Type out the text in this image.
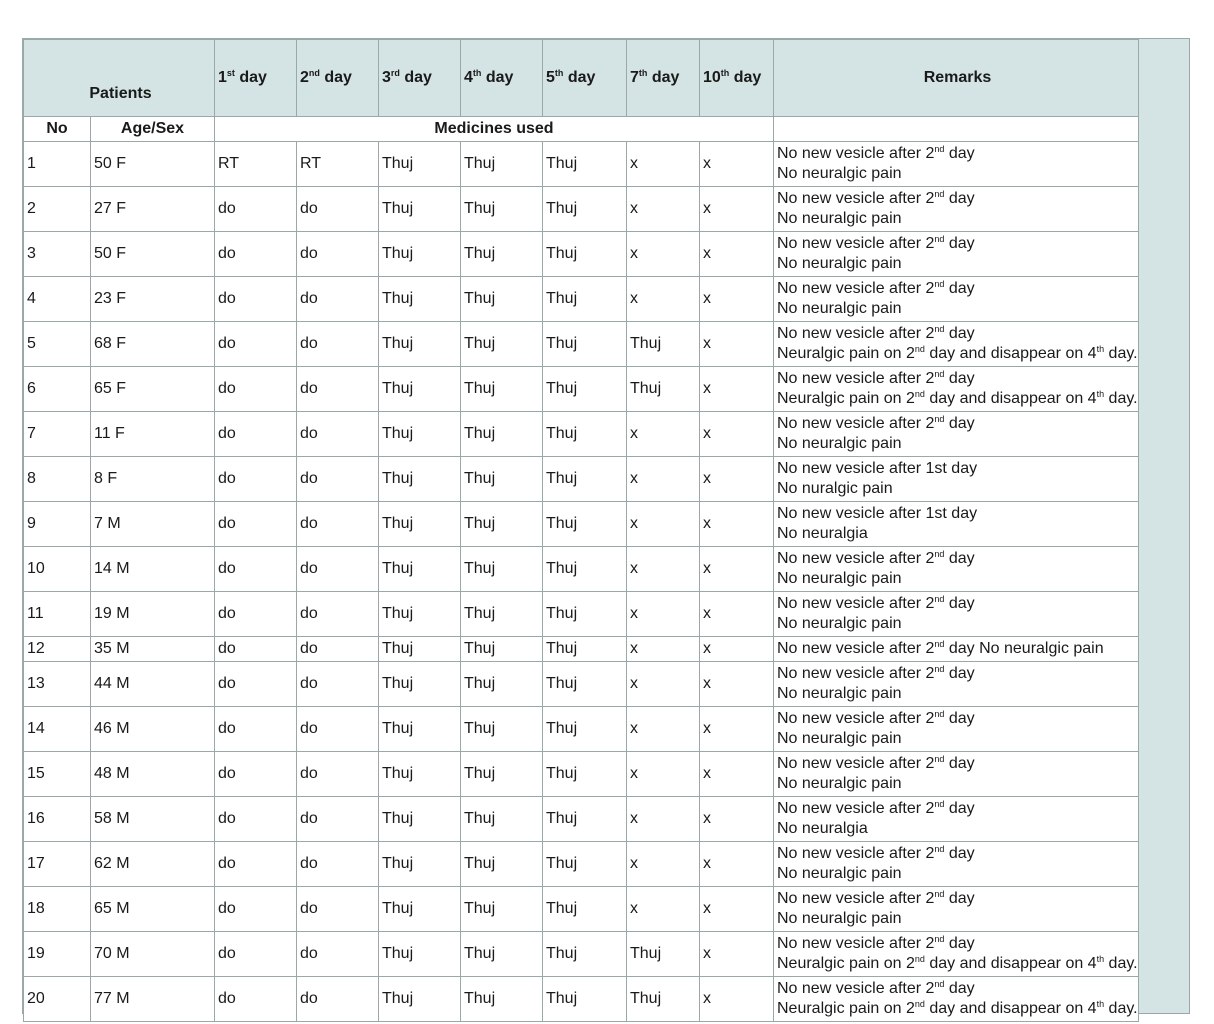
Patients		1st day	2nd day	3rd day	4th day	5th day	7th day	10th day	Remarks
No	Age/Sex	Medicines used							
1	50 F	RT	RT	Thuj	Thuj	Thuj	x	x	No new vesicle after 2nd day
No neuralgic pain

2	27 F	do	do	Thuj	Thuj	Thuj	x	x	No new vesicle after 2nd day
No neuralgic pain

3	50 F	do	do	Thuj	Thuj	Thuj	x	x	No new vesicle after 2nd day
No neuralgic pain

4	23 F	do	do	Thuj	Thuj	Thuj	x	x	No new vesicle after 2nd day
No neuralgic pain

5	68 F	do	do	Thuj	Thuj	Thuj	Thuj	x	No new vesicle after 2nd day
Neuralgic pain on 2nd day and disappear on 4th day.

6	65 F	do	do	Thuj	Thuj	Thuj	Thuj	x	No new vesicle after 2nd day
Neuralgic pain on 2nd day and disappear on 4th day.

7	11 F	do	do	Thuj	Thuj	Thuj	x	x	No new vesicle after 2nd day
No neuralgic pain

8	8 F	do	do	Thuj	Thuj	Thuj	x	x	No new vesicle after 1st day
No nuralgic pain

9	7 M	do	do	Thuj	Thuj	Thuj	x	x	No new vesicle after 1st day
No neuralgia

10	14 M	do	do	Thuj	Thuj	Thuj	x	x	No new vesicle after 2nd day
No neuralgic pain

11	19 M	do	do	Thuj	Thuj	Thuj	x	x	No new vesicle after 2nd day
No neuralgic pain

12	35 M	do	do	Thuj	Thuj	Thuj	x	x	No new vesicle after 2nd day No neuralgic pain

13	44 M	do	do	Thuj	Thuj	Thuj	x	x	No new vesicle after 2nd day
No neuralgic pain

14	46 M	do	do	Thuj	Thuj	Thuj	x	x	No new vesicle after 2nd day
No neuralgic pain

15	48 M	do	do	Thuj	Thuj	Thuj	x	x	No new vesicle after 2nd day
No neuralgic pain

16	58 M	do	do	Thuj	Thuj	Thuj	x	x	No new vesicle after 2nd day
No neuralgia

17	62 M	do	do	Thuj	Thuj	Thuj	x	x	No new vesicle after 2nd day
No neuralgic pain

18	65 M	do	do	Thuj	Thuj	Thuj	x	x	No new vesicle after 2nd day
No neuralgic pain

19	70 M	do	do	Thuj	Thuj	Thuj	Thuj	x	No new vesicle after 2nd day
Neuralgic pain on 2nd day and disappear on 4th day.

20	77 M	do	do	Thuj	Thuj	Thuj	Thuj	x	No new vesicle after 2nd day
Neuralgic pain on 2nd day and disappear on 4th day.
